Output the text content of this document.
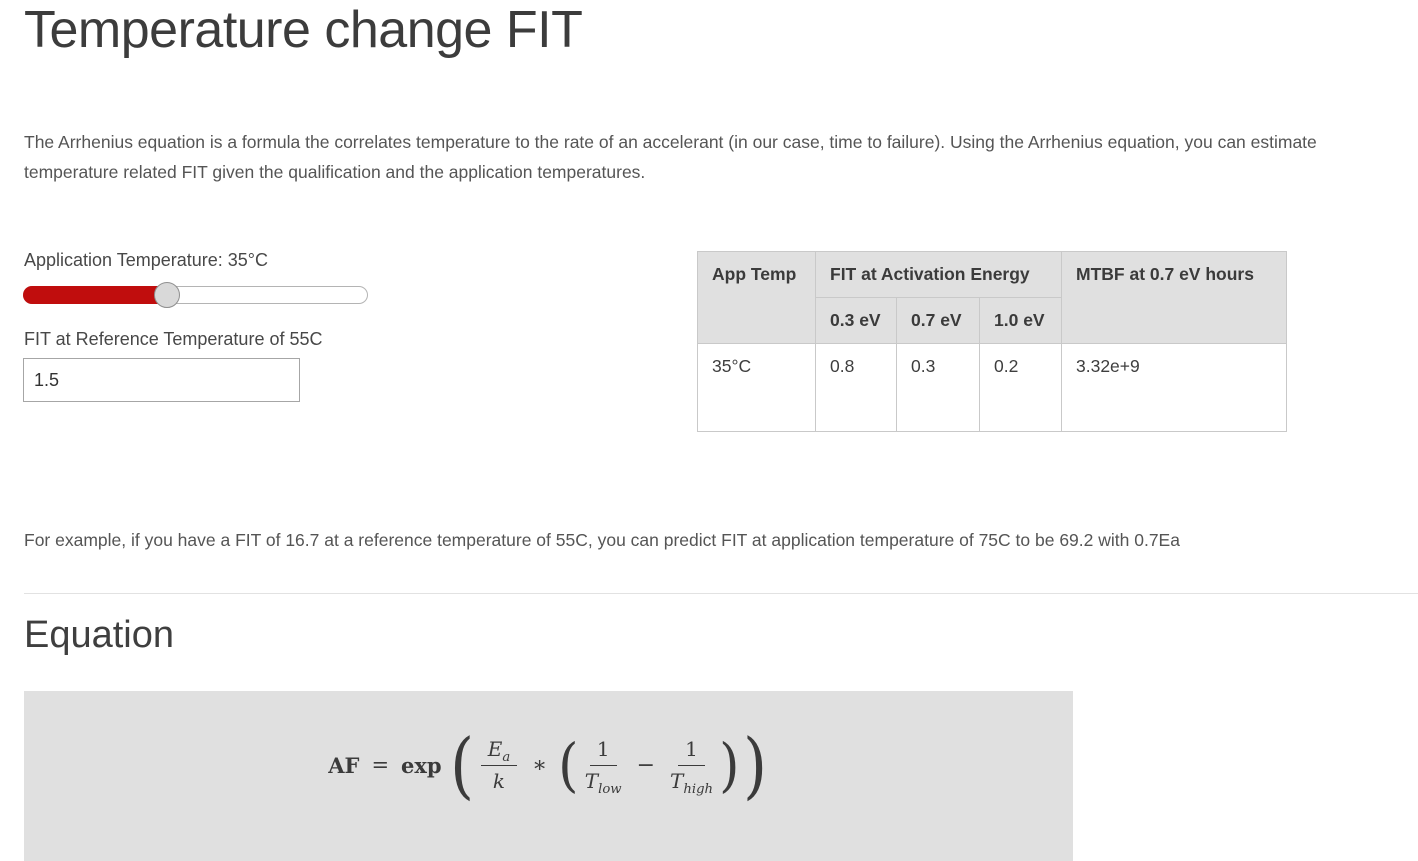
Temperature change FIT

The Arrhenius equation is a formula the correlates temperature to the rate of an accelerant (in our case, time to failure). Using the Arrhenius equation, you can estimate temperature related FIT given the qualification and the application temperatures.

Application Temperature: 35°C
FIT at Reference Temperature of 55C
1.5
App Temp	FIT at Activation Energy			MTBF at 0.7 eV hours
	0.3 eV	0.7 eV	1.0 eV	
35°C	0.8	0.3	0.2	3.32e+9

For example, if you have a FIT of 16.7 at a reference temperature of 55C, you can predict FIT at application temperature of 75C to be 69.2 with 0.7Ea

Equation
AF = exp ( $\frac{E_a}{k}$ ∗ ( $\frac{1}{T_{low}} - \frac{1}{T_{high}}$ ) )
